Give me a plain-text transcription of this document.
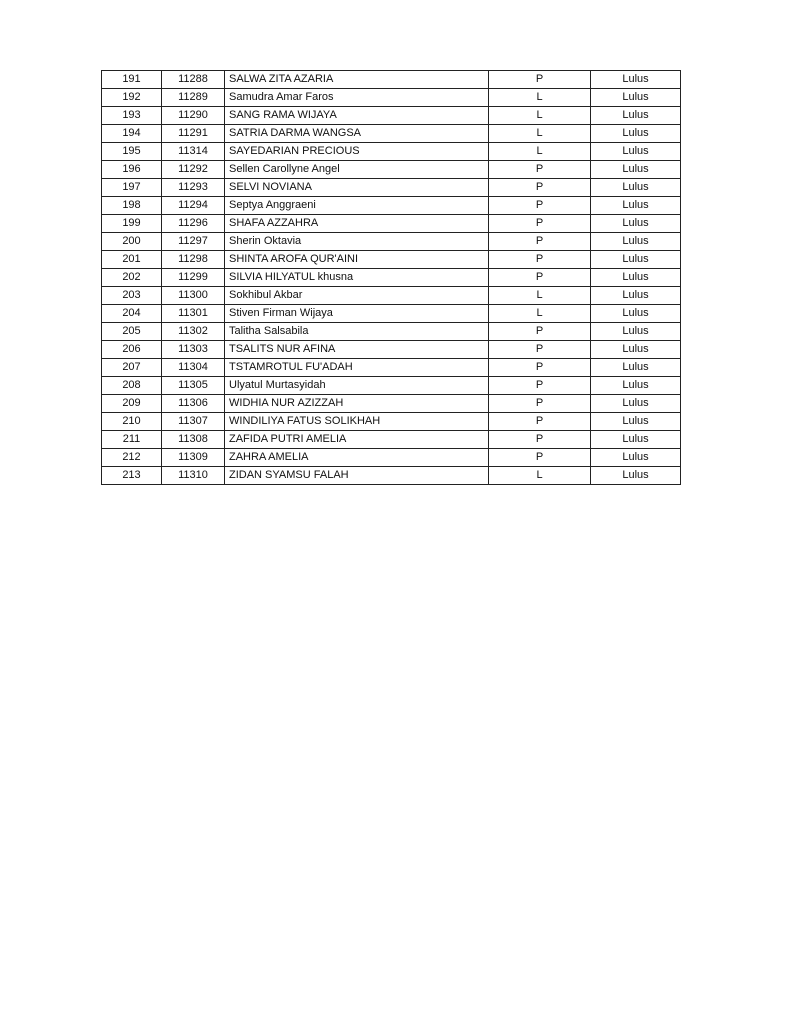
191	11288	SALWA ZITA AZARIA	P	Lulus
192	11289	Samudra Amar Faros	L	Lulus
193	11290	SANG RAMA WIJAYA	L	Lulus
194	11291	SATRIA DARMA WANGSA	L	Lulus
195	11314	SAYEDARIAN PRECIOUS	L	Lulus
196	11292	Sellen Carollyne Angel	P	Lulus
197	11293	SELVI NOVIANA	P	Lulus
198	11294	Septya Anggraeni	P	Lulus
199	11296	SHAFA AZZAHRA	P	Lulus
200	11297	Sherin Oktavia	P	Lulus
201	11298	SHINTA AROFA QUR'AINI	P	Lulus
202	11299	SILVIA HILYATUL khusna	P	Lulus
203	11300	Sokhibul Akbar	L	Lulus
204	11301	Stiven Firman Wijaya	L	Lulus
205	11302	Talitha Salsabila	P	Lulus
206	11303	TSALITS NUR AFINA	P	Lulus
207	11304	TSTAMROTUL FU'ADAH	P	Lulus
208	11305	Ulyatul Murtasyidah	P	Lulus
209	11306	WIDHIA NUR AZIZZAH	P	Lulus
210	11307	WINDILIYA FATUS SOLIKHAH	P	Lulus
211	11308	ZAFIDA PUTRI AMELIA	P	Lulus
212	11309	ZAHRA AMELIA	P	Lulus
213	11310	ZIDAN SYAMSU FALAH	L	Lulus
